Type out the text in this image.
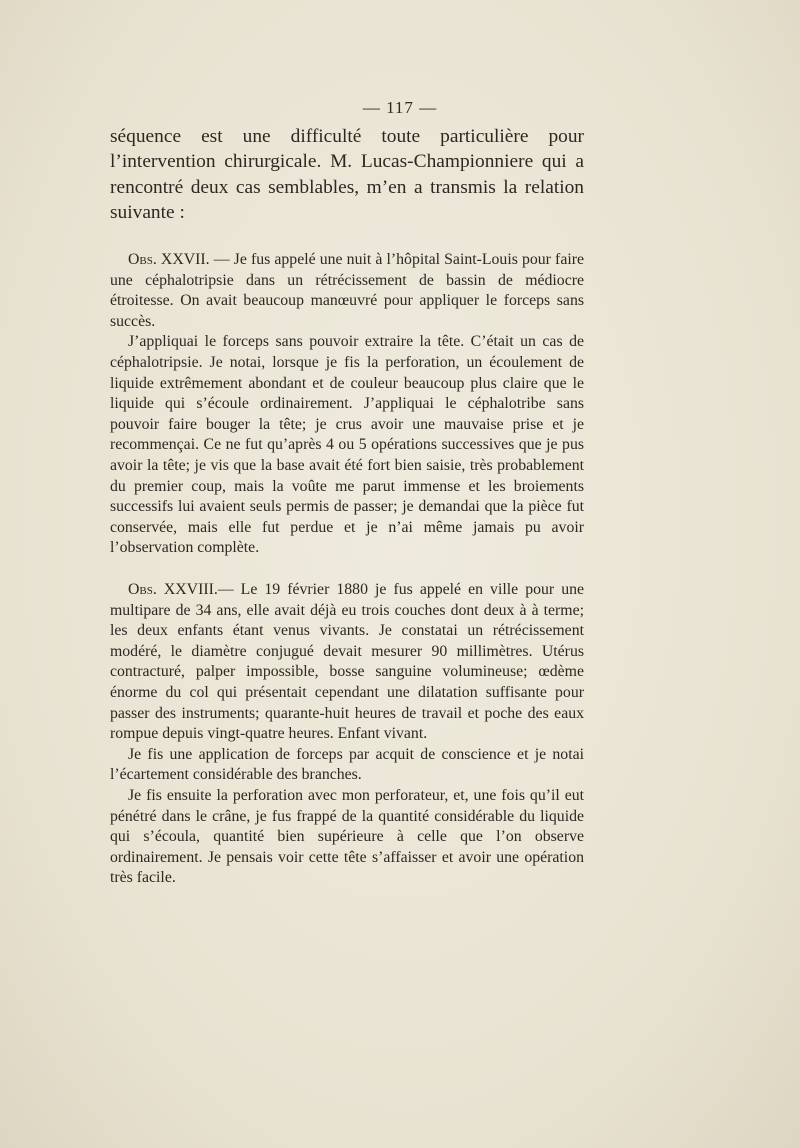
— 117 —

séquence est une difficulté toute particulière pour l’intervention chirurgicale. M. Lucas-Championniere qui a rencontré deux cas semblables, m’en a transmis la relation suivante :

Obs. XXVII. — Je fus appelé une nuit à l’hôpital Saint-Louis pour faire une céphalotripsie dans un rétrécissement de bassin de médiocre étroitesse. On avait beaucoup manœuvré pour appliquer le forceps sans succès.

J’appliquai le forceps sans pouvoir extraire la tête. C’était un cas de céphalotripsie. Je notai, lorsque je fis la perforation, un écoulement de liquide extrêmement abondant et de couleur beaucoup plus claire que le liquide qui s’écoule ordinairement. J’appliquai le céphalotribe sans pouvoir faire bouger la tête; je crus avoir une mauvaise prise et je recommençai. Ce ne fut qu’après 4 ou 5 opérations successives que je pus avoir la tête; je vis que la base avait été fort bien saisie, très probablement du premier coup, mais la voûte me parut immense et les broiements successifs lui avaient seuls permis de passer; je demandai que la pièce fut conservée, mais elle fut perdue et je n’ai même jamais pu avoir l’observation complète.

Obs. XXVIII.— Le 19 février 1880 je fus appelé en ville pour une multipare de 34 ans, elle avait déjà eu trois couches dont deux à à terme; les deux enfants étant venus vivants. Je constatai un rétrécissement modéré, le diamètre conjugué devait mesurer 90 millimètres. Utérus contracturé, palper impossible, bosse sanguine volumineuse; œdème énorme du col qui présentait cependant une dilatation suffisante pour passer des instruments; quarante-huit heures de travail et poche des eaux rompue depuis vingt-quatre heures. Enfant vivant.

Je fis une application de forceps par acquit de conscience et je notai l’écartement considérable des branches.

Je fis ensuite la perforation avec mon perforateur, et, une fois qu’il eut pénétré dans le crâne, je fus frappé de la quantité considérable du liquide qui s’écoula, quantité bien supérieure à celle que l’on observe ordinairement. Je pensais voir cette tête s’affaisser et avoir une opération très facile.
